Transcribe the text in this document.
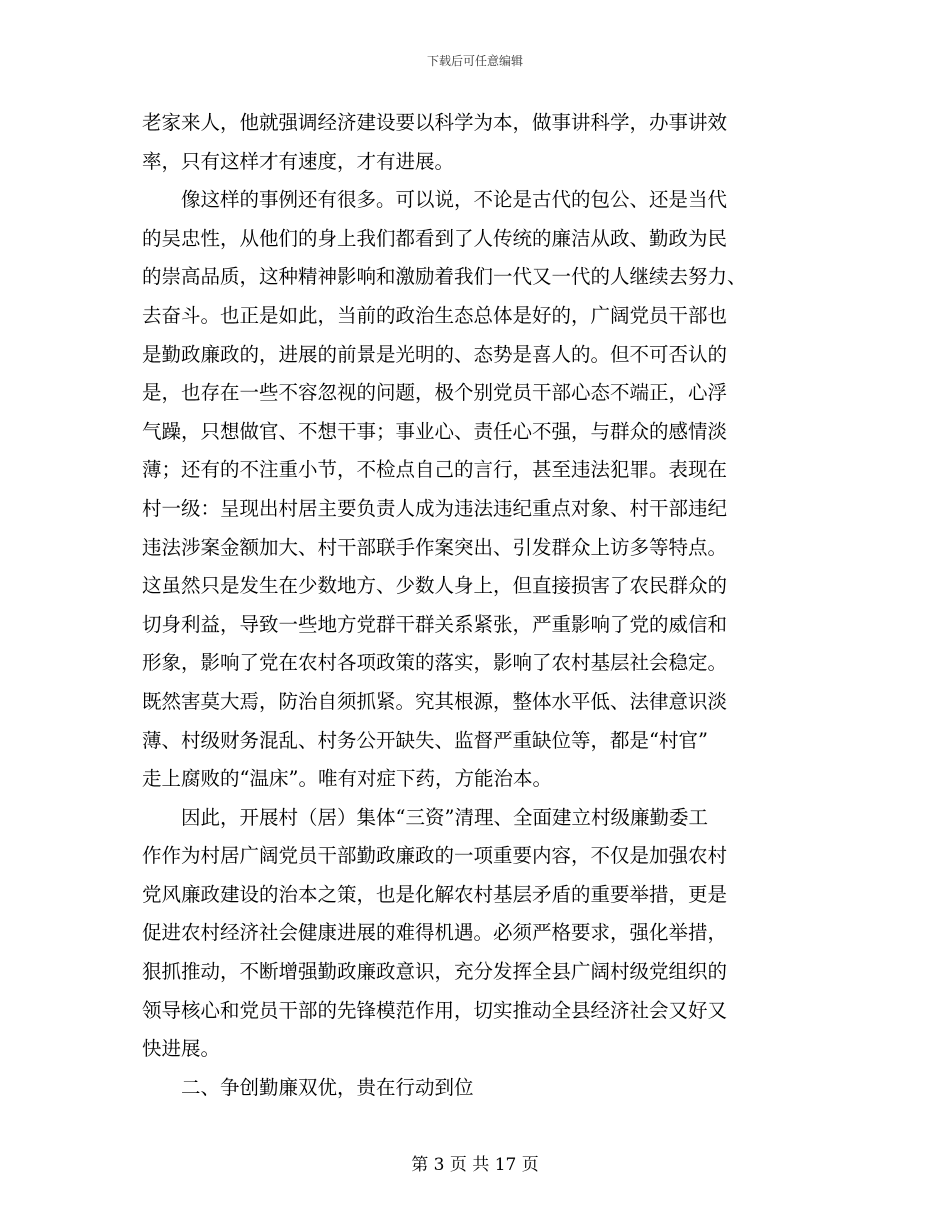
下载后可任意编辑
老家来人，他就强调经济建设要以科学为本，做事讲科学，办事讲效
率，只有这样才有速度，才有进展。
　　像这样的事例还有很多。可以说，不论是古代的包公、还是当代
的吴忠性，从他们的身上我们都看到了人传统的廉洁从政、勤政为民
的崇高品质，这种精神影响和激励着我们一代又一代的人继续去努力、
去奋斗。也正是如此，当前的政治生态总体是好的，广阔党员干部也
是勤政廉政的，进展的前景是光明的、态势是喜人的。但不可否认的
是，也存在一些不容忽视的问题，极个别党员干部心态不端正，心浮
气躁，只想做官、不想干事；事业心、责任心不强，与群众的感情淡
薄；还有的不注重小节，不检点自己的言行，甚至违法犯罪。表现在
村一级：呈现出村居主要负责人成为违法违纪重点对象、村干部违纪
违法涉案金额加大、村干部联手作案突出、引发群众上访多等特点。
这虽然只是发生在少数地方、少数人身上，但直接损害了农民群众的
切身利益，导致一些地方党群干群关系紧张，严重影响了党的威信和
形象，影响了党在农村各项政策的落实，影响了农村基层社会稳定。
既然害莫大焉，防治自须抓紧。究其根源，整体水平低、法律意识淡
薄、村级财务混乱、村务公开缺失、监督严重缺位等，都是“村官”
走上腐败的“温床”。唯有对症下药，方能治本。
　　因此，开展村（居）集体“三资”清理、全面建立村级廉勤委工
作作为村居广阔党员干部勤政廉政的一项重要内容，不仅是加强农村
党风廉政建设的治本之策，也是化解农村基层矛盾的重要举措，更是
促进农村经济社会健康进展的难得机遇。必须严格要求，强化举措，
狠抓推动，不断增强勤政廉政意识，充分发挥全县广阔村级党组织的
领导核心和党员干部的先锋模范作用，切实推动全县经济社会又好又
快进展。
　　二、争创勤廉双优，贵在行动到位
第 3 页 共 17 页
